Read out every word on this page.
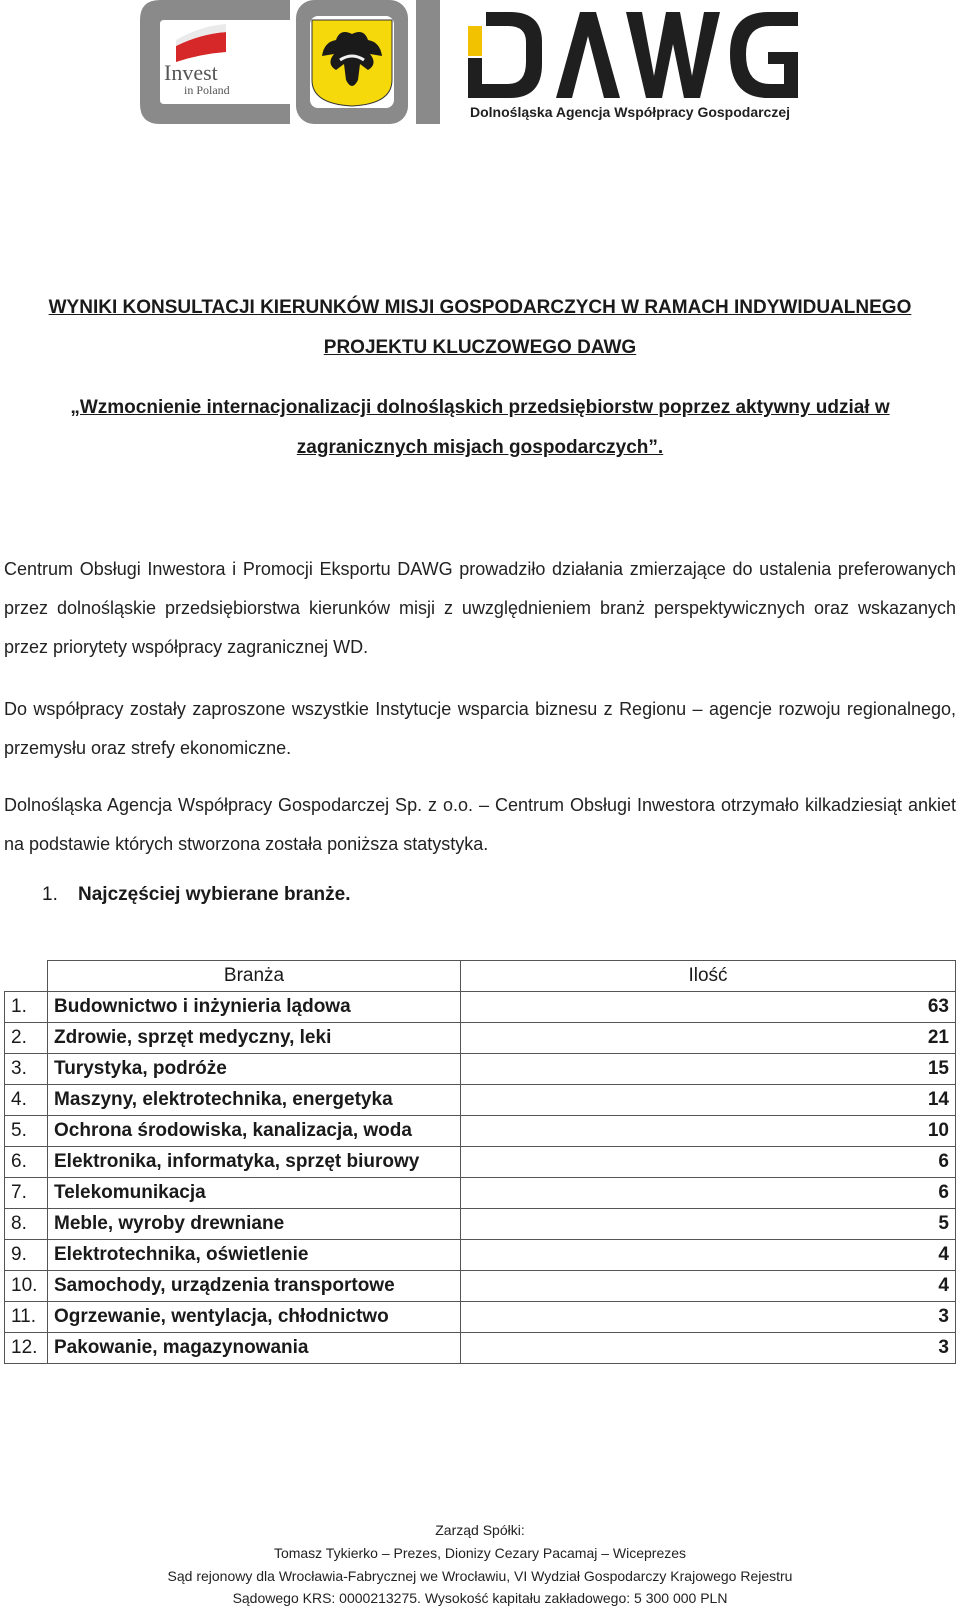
Invest
in Poland
Dolnośląska Agencja Współpracy Gospodarczej
WYNIKI KONSULTACJI KIERUNKÓW MISJI GOSPODARCZYCH W RAMACH INDYWIDUALNEGO
PROJEKTU KLUCZOWEGO DAWG
„Wzmocnienie internacjonalizacji dolnośląskich przedsiębiorstw poprzez aktywny udział w
zagranicznych misjach gospodarczych”.
Centrum Obsługi Inwestora i Promocji Eksportu DAWG prowadziło działania zmierzające do ustalenia preferowanych przez dolnośląskie przedsiębiorstwa kierunków misji z uwzględnieniem branż perspektywicznych oraz wskazanych przez priorytety współpracy zagranicznej WD.
Do współpracy zostały zaproszone wszystkie Instytucje wsparcia biznesu z Regionu – agencje rozwoju regionalnego, przemysłu oraz strefy ekonomiczne.
Dolnośląska Agencja Współpracy Gospodarczej Sp. z o.o. – Centrum Obsługi Inwestora otrzymało kilkadziesiąt ankiet na podstawie których stworzona została poniższa statystyka.
1. Najczęściej wybierane branże.
	Branża	Ilość
1.	Budownictwo i inżynieria lądowa	63
2.	Zdrowie, sprzęt medyczny, leki	21
3.	Turystyka, podróże	15
4.	Maszyny, elektrotechnika, energetyka	14
5.	Ochrona środowiska, kanalizacja, woda	10
6.	Elektronika, informatyka, sprzęt biurowy	6
7.	Telekomunikacja	6
8.	Meble, wyroby drewniane	5
9.	Elektrotechnika, oświetlenie	4
10.	Samochody, urządzenia transportowe	4
11.	Ogrzewanie, wentylacja, chłodnictwo	3
12.	Pakowanie, magazynowania	3
Zarząd Spółki:
Tomasz Tykierko – Prezes, Dionizy Cezary Pacamaj – Wiceprezes
Sąd rejonowy dla Wrocławia-Fabrycznej we Wrocławiu, VI Wydział Gospodarczy Krajowego Rejestru
Sądowego KRS: 0000213275. Wysokość kapitału zakładowego: 5 300 000 PLN
